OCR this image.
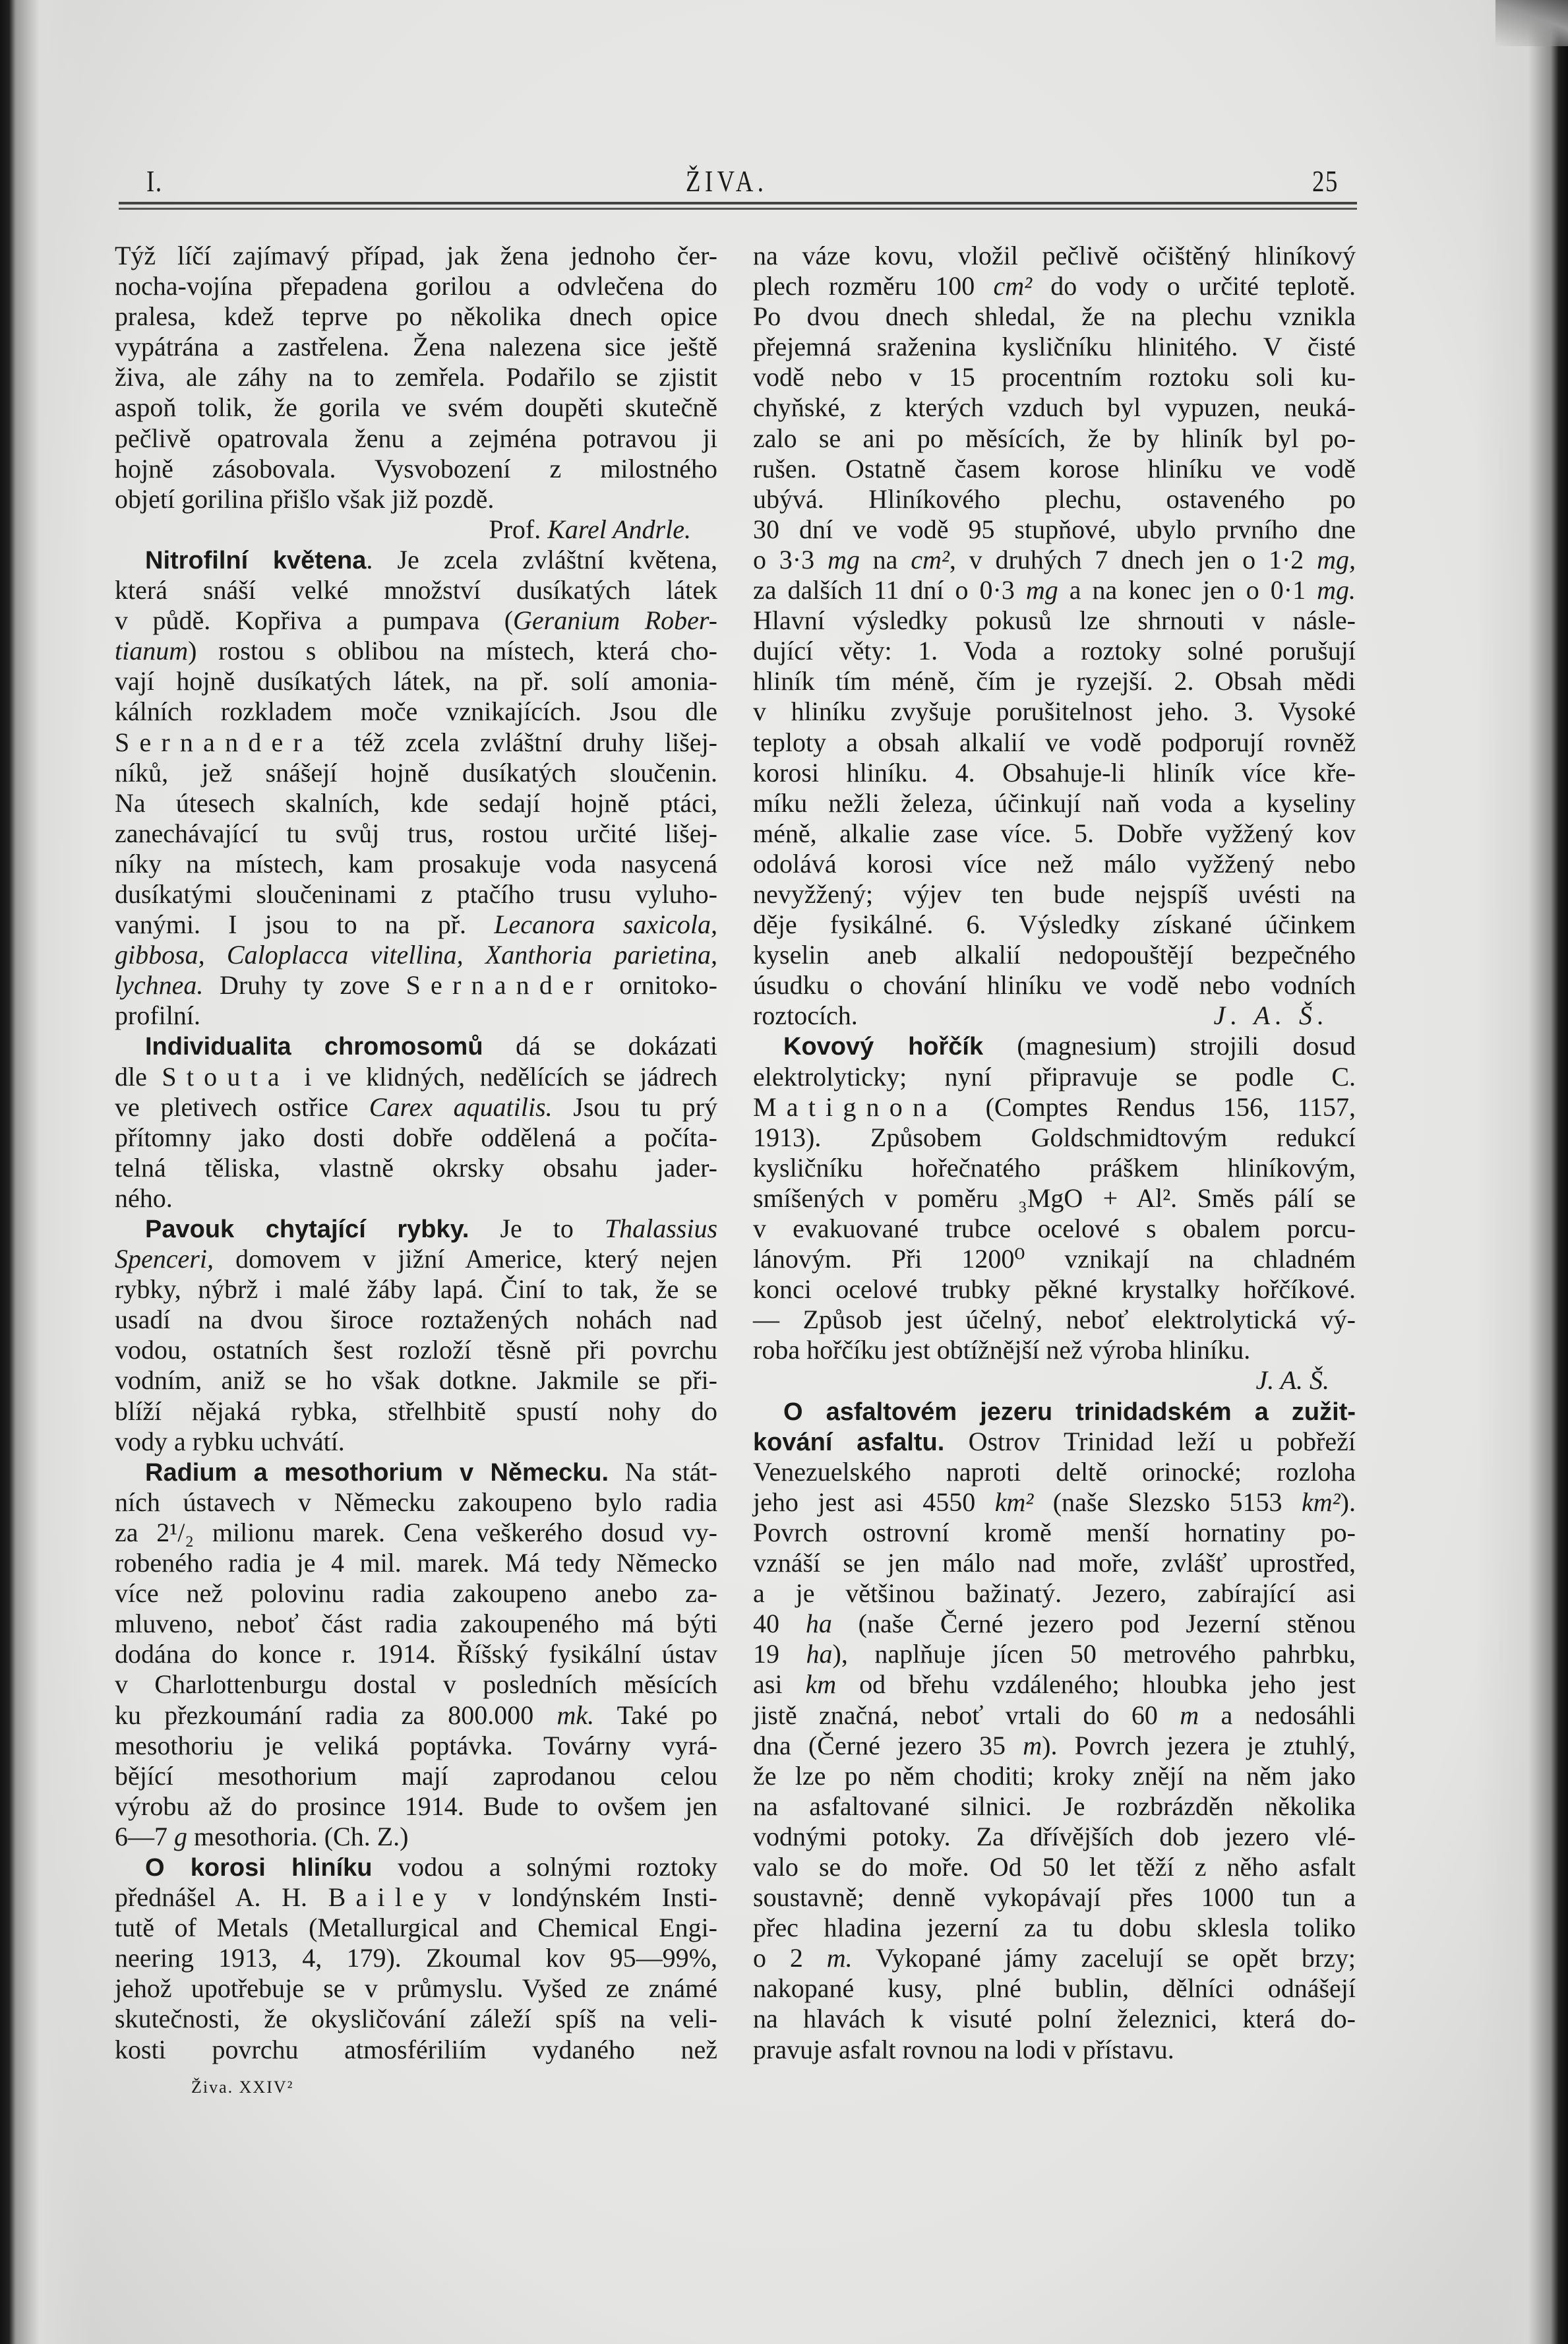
I.	ŽIVA.	25
Týž líčí zajímavý případ, jak žena jednoho čer-
nocha-vojína přepadena gorilou a odvlečena do
pralesa, kdež teprve po několika dnech opice
vypátrána a zastřelena. Žena nalezena sice ještě
živa, ale záhy na to zemřela. Podařilo se zjistit
aspoň tolik, že gorila ve svém doupěti skutečně
pečlivě opatrovala ženu a zejména potravou ji
hojně zásobovala. Vysvobození z milostného
objetí gorilina přišlo však již pozdě.
Prof. Karel Andrle.
Nitrofilní květena. Je zcela zvláštní květena,
která snáší velké množství dusíkatých látek
v půdě. Kopřiva a pumpava (Geranium Rober-
tianum) rostou s oblibou na místech, která cho-
vají hojně dusíkatých látek, na př. solí amonia-
kálních rozkladem moče vznikajících. Jsou dle
Sernandera též zcela zvláštní druhy lišej-
níků, jež snášejí hojně dusíkatých sloučenin.
Na útesech skalních, kde sedají hojně ptáci,
zanechávající tu svůj trus, rostou určité lišej-
níky na místech, kam prosakuje voda nasycená
dusíkatými sloučeninami z ptačího trusu vyluho-
vanými. I jsou to na př. Lecanora saxicola,
gibbosa, Caloplacca vitellina, Xanthoria parietina,
lychnea. Druhy ty zove Sernander ornitoko-
profilní.
Individualita chromosomů dá se dokázati
dle Stouta i ve klidných, nedělících se jádrech
ve pletivech ostřice Carex aquatilis. Jsou tu prý
přítomny jako dosti dobře oddělená a počíta-
telná těliska, vlastně okrsky obsahu jader-
ného.
Pavouk chytající rybky. Je to Thalassius
Spenceri, domovem v jižní Americe, který nejen
rybky, nýbrž i malé žáby lapá. Činí to tak, že se
usadí na dvou široce roztažených nohách nad
vodou, ostatních šest rozloží těsně při povrchu
vodním, aniž se ho však dotkne. Jakmile se při-
blíží nějaká rybka, střelhbitě spustí nohy do
vody a rybku uchvátí.
Radium a mesothorium v Německu. Na stát-
ních ústavech v Německu zakoupeno bylo radia
za 2¹/₂ milionu marek. Cena veškerého dosud vy-
robeného radia je 4 mil. marek. Má tedy Německo
více než polovinu radia zakoupeno anebo za-
mluveno, neboť část radia zakoupeného má býti
dodána do konce r. 1914. Říšský fysikální ústav
v Charlottenburgu dostal v posledních měsících
ku přezkoumání radia za 800.000 mk. Také po
mesothoriu je veliká poptávka. Továrny vyrá-
bějící mesothorium mají zaprodanou celou
výrobu až do prosince 1914. Bude to ovšem jen
6—7 g mesothoria. (Ch. Z.)
O korosi hliníku vodou a solnými roztoky
přednášel A. H. Bailey v londýnském Insti-
tutě of Metals (Metallurgical and Chemical Engi-
neering 1913, 4, 179). Zkoumal kov 95—99%,
jehož upotřebuje se v průmyslu. Vyšed ze známé
skutečnosti, že okysličování záleží spíš na veli-
kosti povrchu atmosfériliím vydaného než
na váze kovu, vložil pečlivě očištěný hliníkový
plech rozměru 100 cm² do vody o určité teplotě.
Po dvou dnech shledal, že na plechu vznikla
přejemná sraženina kysličníku hlinitého. V čisté
vodě nebo v 15 procentním roztoku soli ku-
chyňské, z kterých vzduch byl vypuzen, neuká-
zalo se ani po měsících, že by hliník byl po-
rušen. Ostatně časem korose hliníku ve vodě
ubývá. Hliníkového plechu, ostaveného po
30 dní ve vodě 95 stupňové, ubylo prvního dne
o 3·3 mg na cm², v druhých 7 dnech jen o 1·2 mg,
za dalších 11 dní o 0·3 mg a na konec jen o 0·1 mg.
Hlavní výsledky pokusů lze shrnouti v násle-
dující věty: 1. Voda a roztoky solné porušují
hliník tím méně, čím je ryzejší. 2. Obsah mědi
v hliníku zvyšuje porušitelnost jeho. 3. Vysoké
teploty a obsah alkalií ve vodě podporují rovněž
korosi hliníku. 4. Obsahuje-li hliník více kře-
míku nežli železa, účinkují naň voda a kyseliny
méně, alkalie zase více. 5. Dobře vyžžený kov
odolává korosi více než málo vyžžený nebo
nevyžžený; výjev ten bude nejspíš uvésti na
děje fysikálné. 6. Výsledky získané účinkem
kyselin aneb alkalií nedopouštějí bezpečného
úsudku o chování hliníku ve vodě nebo vodních
J. A. Š.
roztocích.
Kovový hořčík (magnesium) strojili dosud
elektrolyticky; nyní připravuje se podle C.
Matignona (Comptes Rendus 156, 1157,
1913). Způsobem Goldschmidtovým redukcí
kysličníku hořečnatého práškem hliníkovým,
smíšených v poměru ₃MgO + Al². Směs pálí se
v evakuované trubce ocelové s obalem porcu-
lánovým. Při 1200⁰ vznikají na chladném
konci ocelové trubky pěkné krystalky hořčíkové.
— Způsob jest účelný, neboť elektrolytická vý-
roba hořčíku jest obtížnější než výroba hliníku.
J. A. Š.
O asfaltovém jezeru trinidadském a zužit-
kování asfaltu. Ostrov Trinidad leží u pobřeží
Venezuelského naproti deltě orinocké; rozloha
jeho jest asi 4550 km² (naše Slezsko 5153 km²).
Povrch ostrovní kromě menší hornatiny po-
vznáší se jen málo nad moře, zvlášť uprostřed,
a je většinou bažinatý. Jezero, zabírající asi
40 ha (naše Černé jezero pod Jezerní stěnou
19 ha), naplňuje jícen 50 metrového pahrbku,
asi km od břehu vzdáleného; hloubka jeho jest
jistě značná, neboť vrtali do 60 m a nedosáhli
dna (Černé jezero 35 m). Povrch jezera je ztuhlý,
že lze po něm choditi; kroky znějí na něm jako
na asfaltované silnici. Je rozbrázděn několika
vodnými potoky. Za dřívějších dob jezero vlé-
valo se do moře. Od 50 let těží z něho asfalt
soustavně; denně vykopávají přes 1000 tun a
přec hladina jezerní za tu dobu sklesla toliko
o 2 m. Vykopané jámy zacelují se opět brzy;
nakopané kusy, plné bublin, dělníci odnášejí
na hlavách k visuté polní železnici, která do-
pravuje asfalt rovnou na lodi v přístavu.
Živa. XXIV²
